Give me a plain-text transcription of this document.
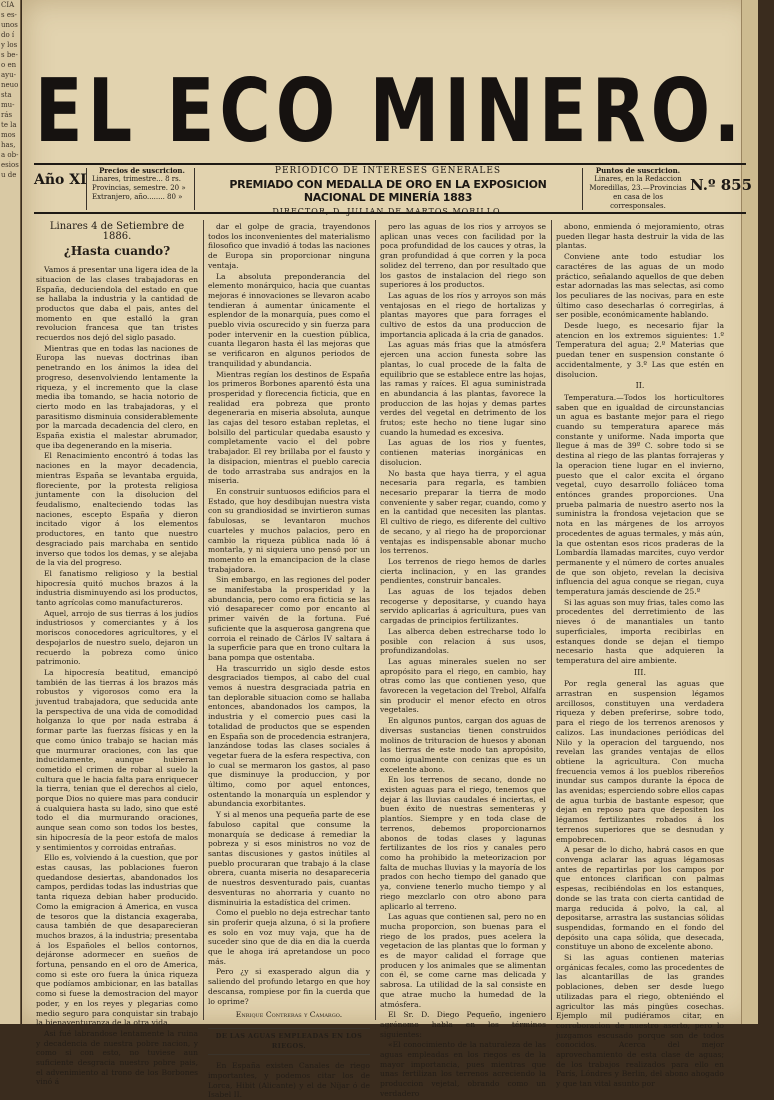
CIA
s es-
unos
do í
y los
s be-
o en
ayu-
neuo
sta
mu-
rás
te la
mos
has,
a ob-
esios
u de
EL ECO MINERO.
Año XI
Precios de suscricion.
Linares, trimestre... 8 rs.
Provincias, semestre. 20 »
Extranjero, año........ 80 »
PERIÓDICO DE INTERESES GENERALES
PREMIADO CON MEDALLA DE ORO EN LA EXPOSICION NACIONAL DE MINERÍA 1883
DIRECTOR, D. JULIAN DE MARTOS MORILLO.
Puntos de suscricion.
Linares, en la Redaccion Moredillas, 23.—Provincias en casa de los corresponsales.
N.º 855
Linares 4 de Setiembre de 1886.
¿Hasta cuando?

Vamos á presentar una ligera idea de la situacion de las clases trabajadoras en España, deduciendola del estado en que se hallaba la industria y la cantidad de productos que daba el pais, antes del momento en que estalló la gran revolucion francesa que tan tristes recuerdos nos dejó del siglo pasado.

Mientras que en todas las naciones de Europa las nuevas doctrinas iban penetrando en los ánimos la idea del progreso, desenvolviendo lentamente la riqueza, y el incremento que la clase media iba tomando, se hacia notorio de cierto modo en las trabajadoras, y el parasitismo disminuia considerablemente por la marcada decadencia del clero, en España existia el malestar abrumador, que iba degenerando en la miseria.

El Renacimiento encontró á todas las naciones en la mayor decadencia, mientras España se levantaba erguida, floreciente, por la protesta religiosa juntamente con la disolucion del feudalismo, enalteciendo todas las naciones, escepto España y dieron incitado vigor á los elementos productores, en tanto que nuestro desgraciado pais marchaba en sentido inverso que todos los demas, y se alejaba de la via del progreso.

El fanatismo religioso y la bestial hipocresía quitó muchos brazos á la industria disminuyendo asi los productos, tanto agrícolas como manufactureros.

Aquel, arrojo de sus tierras á los judíos industriosos y comerciantes y á los moriscos conocedores agricultores, y el despojarlos de nuestro suelo, dejaron un recuerdo la pobreza como único patrimonio.

La hipocresía beatitud, emancipó también de las tierras á los brazos más robustos y vigorosos como era la juventud trabajadora, que seducida ante la perspectiva de una vida de comodidad holganza lo que por nada estraba á formar parte las fuerzas físicas y en la que como único trabajo se hacian más que murmurar oraciones, con las que inducidamente, aunque hubieran cometido el crimen de robar al suelo la cultura que le hacia falta para enriquecer la tierra, tenian que el derechos al cielo, porque Dios no quiere mas para conducir á cualquiera hasta su lado, sino que esté todo el dia murmurando oraciones, aunque sean como son todos los bestes, sin hipocresía de la peor estofa de malos y sentimientos y corroidas entrañas.

Ello es, volviendo á la cuestion, que por estas causas, las poblaciones fueron quedandose desiertas, abandonados los campos, perdidas todas las industrias que tanta riqueza debian haber producido. Como la emigracion á America, en vusca de tesoros que la distancia exageraba, causa también de que desaparecieran muchos brazos, á la industria; presentaba á los Españoles el bellos contornos, dejáronse adormecer en sueños de fortuna, pensando en el oro de America, como si este oro fuera la única riqueza que podíamos ambicionar, en las batallas como si fuese la demostracion del mayor poder, y en los reyes y plegarias como medio seguro para conquistar sin trabajo la bienaventuranza de la otra vida.

Asi fué labrandose lentamente la ruina y decadencia de nuestra pobre nacion, y como si con esto, no tuviese aun suficiente desgracia nuestro pobre pais, el advenimiento al trono de los Borbones vinó á

dar el golpe de gracia, trayendonos todos los inconvenientes del materialismo filosofico que invadió á todas las naciones de Europa sin proporcionar ninguna ventaja.

La absoluta preponderancia del elemento monárquico, hacia que cuantas mejoras é innovaciones se llevaron acabo tendieran á aumentar únicamente el esplendor de la monarquía, pues como el pueblo vivia oscurecido y sin fuerza para poder intervenir en la cuestion pública, cuanta llegaron hasta él las mejoras que se verificaron en algunos periodos de tranquilidad y abundancia.

Mientras regían los destinos de España los primeros Borbones aparentó ésta una prosperidad y florecencia ficticia, que en realidad era pobreza que pronto degeneraria en miseria absoluta, aunque las cajas del tesoro estaban repletas, el bolsillo del particular quedaba esausto y completamente vacio el del pobre trabajador. El rey brillaba por el fausto y la disipacion, mientras el pueblo carecia de todo arrastraba sus andrajos en la miseria.

En construir suntuosos edificios para el Estado, que hoy desdibujan nuestra vista con su grandiosidad se invirtieron sumas fabulosas, se levantaron muchos cuarteles y muchos palacios, pero en cambio la riqueza pública nada ló á montarla, y ni siquiera uno pensó por un momento en la emancipacion de la clase trabajadora.

Sin embargo, en las regiones del poder se manifestaba la prosperidad y la abundancia, pero como era ficticia se las vió desaparecer como por encanto al primer vaivén de la fortuna. Fué suficiente que la asquerosa gangrena que corroia el reinado de Cárlos IV saltara á la superficie para que en trono cultara la bana pompa que ostentaba.

Ha trascurrido un siglo desde estos desgraciados tiempos, al cabo del cual vemos á nuestra desgraciada patria en tan deplorable situacion como se hallaba entonces, abandonados los campos, la industria y el comercio pues casi la totalidad de productos que se espenden en España son de procedencia estranjera, lanzándose todas las clases sociales á vegetar fuera de la esfera respectiva, con lo cual se mermaron los gastos, al paso que disminuye la produccion, y por último, como por aquel entonces, ostentando la monarquía un esplendor y abundancia exorbitantes.

Y si al menos una pequeña parte de ese fabuloso capital que consume la monarquía se dedicase á remediar la pobreza y si esos ministros no voz de santas discusiones y gastos inútiles al pueblo procuraran que trabajo á la clase obrera, cuanta miseria no desapareceria de nuestros desventurado pais, cuantas desventuras no ahorraria y cuanto no disminuiria la estadística del crimen.

Como el pueblo no deja estrechar tanto sin proferir queja alzuna, ó si la profiere es solo en voz muy vaja, que ha de suceder sino que de dia en dia la cuerda que le ahoga irá apretandose un poco más.

Pero ¿y si exasperado algun dia y saliendo del profundo letargo en que hoy descansa, rompiese por fin la cuerda que lo oprime?

Enrique Contreras y Camargo.
DE LAS AGUAS EMPLEADAS EN LOS RIEGOS.

En España existen Canales de riego importantes, y podemos citar los de Lorca, Hibit (Alicante) y el de Níjar ó de Isabel II.

pero las aguas de los rios y arroyos se aplican unas veces con facilidad por la poca profundidad de los cauces y otras, la gran profundidad á que corren y la poca solidez del terreno, dan por resultado que los gastos de instalacion del riego son superiores á los productos.

Las aguas de los ríos y arroyos son más ventajosas en el riego de hortalizas y plantas mayores que para forrages el cultivo de estos da una produccion de importancia aplicada á la cria de ganados.

Las aguas más frias que la atmósfera ejercen una accion funesta sobre las plantas, lo cual procede de la falta de equilibrio que se establece entre las hojas, las ramas y raíces. El agua suministrada en abundancia á las plantas, favorece la produccion de las hojas y demas partes verdes del vegetal en detrimento de los frutos; este hecho no tiene lugar sino cuando la humedad es excesiva.

Las aguas de los rios y fuentes, contienen materias inorgánicas en disolucion.

No basta que haya tierra, y el agua necesaria para regarla, es tambien necesario preparar la tierra de modo conveniente y saber regar, cuando, como y en la cantidad que necesiten las plantas. El cultivo de riego, es diferente del cultivo de secano, y al riego ha de proporcionar ventajas es indispensable abonar mucho los terrenos.

Los terrenos de riego hemos de darles cierta inclinacion, y en las grandes pendientes, construir bancales.

Las aguas de los tejados deben recogerse y depositarse, y cuando haya servido aplicarlas á agricultura, pues van cargadas de principios fertilizantes.

Las alberca deben estrecharse todo lo posible con relacion á sus usos, profundizandolas.

Las aguas minerales suelen no ser apropósito para el riego, en cambio, hay otras como las que contienen yeso, que favorecen la vegetacion del Trebol, Alfalfa sin producir el menor efecto en otros vegetales.

En algunos puntos, cargan dos aguas de diversas sustancias tienen construidos molinos de trituracion de huesos y abonan las tierras de este modo tan apropósito, como igualmente con cenizas que es un excelente abono.

En los terrenos de secano, donde no existen aguas para el riego, tenemos que dejar á las lluvias caudales é inciertas, el buen éxito de nuestras sementeras y plantíos. Siempre y en toda clase de terrenos, debemos proporcionarnos abonos de todas clases y lagunas fertilizantes de los ríos y canales pero como ha prohibido la meteorizacion por falta de muchas lluvias y la mayoría de los prados con hecho tiempo del ganado que ya, conviene tenerlo mucho tiempo y al riego mezclarlo con otro abono para aplicarlo al terreno.

Las aguas que contienen sal, pero no en mucha proporcion, son buenas para el riego de los prados, pues acelera la vegetacion de las plantas que lo forman y es de mayor calidad el forrage que producen y los animales que se alimentan con él, se come carne mas delicada y sabrosa. La utilidad de la sal consiste en que atrae mucho la humedad de la atmósfera.

El Sr. D. Diego Pequeño, ingeniero agrónomo habla en los términos siguientes:

«El conocimiento de la naturaleza de las aguas empleadas en los riegos es de la mayor importancia, pues mientras que unas fertilizan los terrenos acreciendo la produccion vejetal, obrando como un verdadero

abono, enmienda ó mejoramiento, otras pueden llegar hasta destruir la vida de las plantas.

Conviene ante todo estudiar los caractéres de las aguas de un modo práctico, señalando aquellos de que deben estar adornadas las mas selectas, asi como los peculiares de las nocivas, para en este último caso desecharlas ó corregirlas, á ser posible, económicamente hablando.

Desde luego, es necesario fijar la atencion en los extremos siguientes: 1.º Temperatura del agua; 2.º Materias que puedan tener en suspension constante ó accidentalmente, y 3.º Las que estén en disolucion.

II.

Temperatura.—Todos los horticultores saben que en igualdad de circunstancias un agua es bastante mejor para el riego cuando su temperatura aparece más constante y uniforme. Nada importa que llegue á mas de 39º C. sobre todo si se destina al riego de las plantas forrajeras y la operacion tiene lugar en el invierno, puesto que el calor excita el órgano vegetal, cuyo desarrollo foliáceo toma entónces grandes proporciones. Una prueba palmaria de nuestro aserto nos la suministra la frondosa vejetacion que se nota en las márgenes de los arroyos procedentes de aguas termales, y más aún, la que ostentan esos ricos praderas de la Lombardía llamadas marcites, cuyo verdor permanente y el número de cortes anuales de que son objeto, revelan la decisiva influencia del agua conque se riegan, cuya temperatura jamás desciende de 25.º

Si las aguas son muy frias, tales como las procedentes del derretimiento de las nieves ó de manantiales un tanto superficiales, importa recibirlas en estanques donde se dejan el tiempo necesario hasta que adquieren la temperatura del aire ambiente.

III.

Por regla general las aguas que arrastran en suspension légamos arcillosos, constituyen una verdadera riqueza y deben preferirse, sobre todo, para el riego de los terrenos arenosos y calizos. Las inundaciones periódicas del Nilo y la operacion del targuendo, nos revelan las grandes ventajas de ellos obtiene la agricultura. Con mucha frecuencia vemos á los pueblos ribereños inundar sus campos durante la época de las avenidas; esperciendo sobre ellos capas de agua turbia de bastante espesor, que dejan en reposo para que depositen los légamos fertilizantes robados á los terrenos superiores que se desnudan y empobrecen.

A pesar de lo dicho, habrá casos en que convenga aclarar las aguas légamosas antes de repartirlas por los campos por que entonces clarifican con palmas espesas, recibiéndolas en los estanques, donde se las trata con cierta cantidad de marga reducida á polvo, la cal, al depositarse, arrastra las sustancias sólidas suspendidas, formando en el fondo del depósito una capa sólida, que desecada, constituye un abono de excelente abono.

Si las aguas contienen materias orgánicas fecales, como las procedentes de las alcantarillas de las grandes poblaciones, deben ser desde luego utilizadas para el riego, obteniéndo el agricultor las más pingües cosechas. Ejemplo mil pudiéramos citar, en corroboracion de nuestro aserto, pero lo juzgamos escusado porque son de todos conocidos. Acerca del mejor aprovechamiento de esta clase de aguas; de los trabajos realizados para ello en París, Lóndres y Berlin, del abono ahogado y que tan vital asunto por
